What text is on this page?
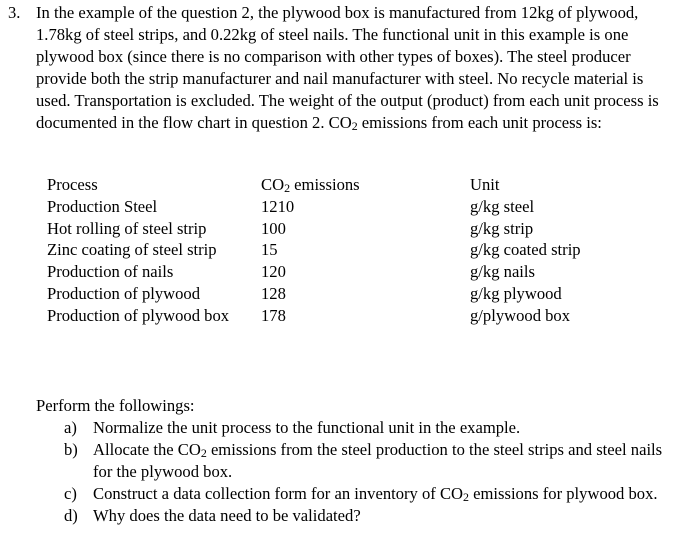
3. In the example of the question 2, the plywood box is manufactured from 12kg of plywood, 1.78kg of steel strips, and 0.22kg of steel nails. The functional unit in this example is one plywood box (since there is no comparison with other types of boxes). The steel producer provide both the strip manufacturer and nail manufacturer with steel. No recycle material is used. Transportation is excluded. The weight of the output (product) from each unit process is documented in the flow chart in question 2. CO2 emissions from each unit process is:

Process	CO2 emissions	Unit
Production Steel	1210	g/kg steel
Hot rolling of steel strip	100	g/kg strip
Zinc coating of steel strip	15	g/kg coated strip
Production of nails	120	g/kg nails
Production of plywood	128	g/kg plywood
Production of plywood box	178	g/plywood box

Perform the followings:

a) Normalize the unit process to the functional unit in the example.
b) Allocate the CO2 emissions from the steel production to the steel strips and steel nails for the plywood box.
c) Construct a data collection form for an inventory of CO2 emissions for plywood box.
d) Why does the data need to be validated?
